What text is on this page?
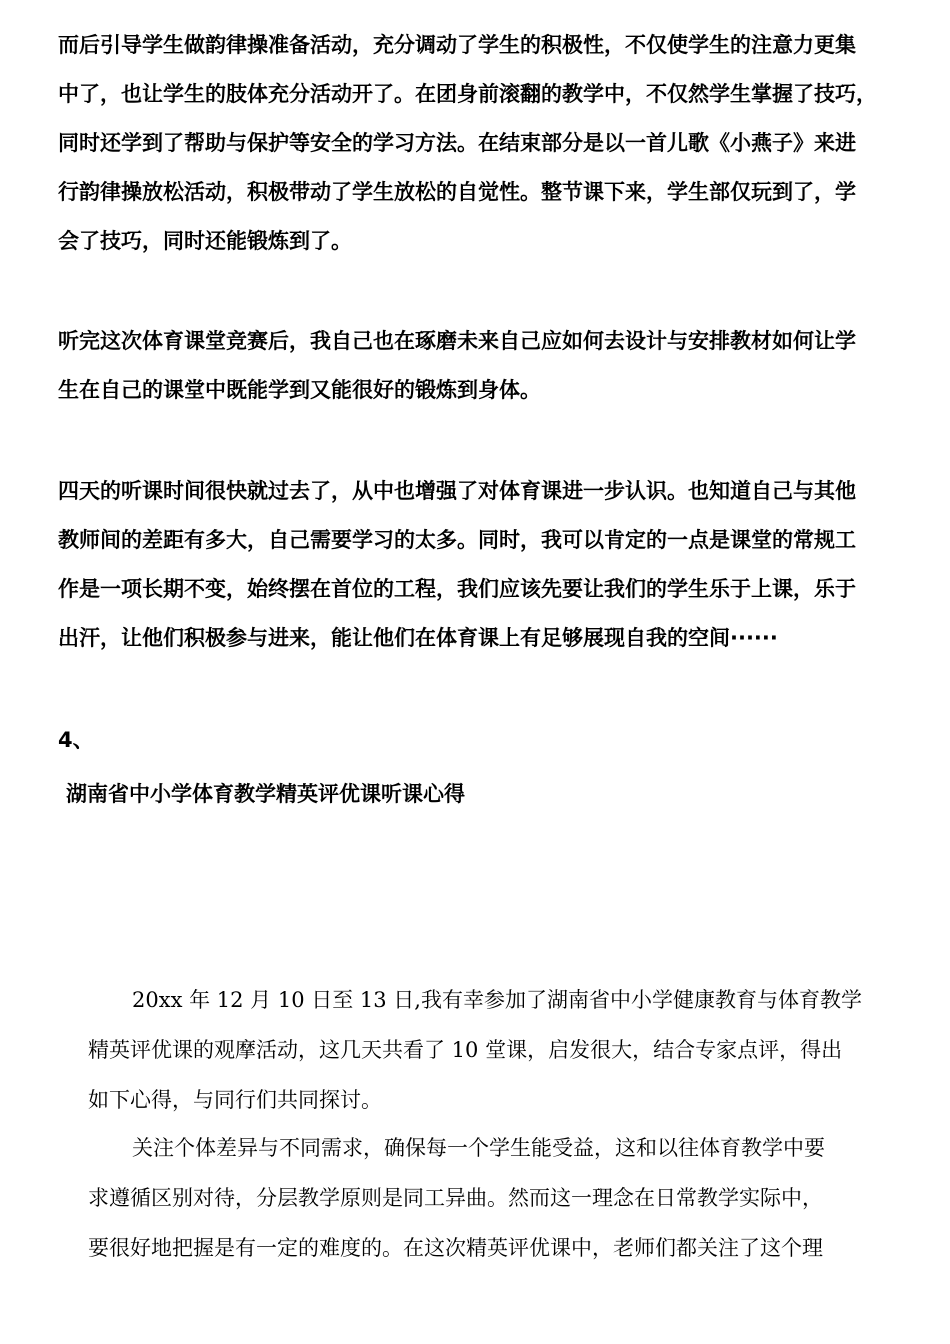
而后引导学生做韵律操准备活动，充分调动了学生的积极性，不仅使学生的注意力更集
中了，也让学生的肢体充分活动开了。在团身前滚翻的教学中，不仅然学生掌握了技巧，
同时还学到了帮助与保护等安全的学习方法。在结束部分是以一首儿歌《小燕子》来进
行韵律操放松活动，积极带动了学生放松的自觉性。整节课下来，学生部仅玩到了，学
会了技巧，同时还能锻炼到了。
听完这次体育课堂竞赛后，我自己也在琢磨未来自己应如何去设计与安排教材如何让学
生在自己的课堂中既能学到又能很好的锻炼到身体。
四天的听课时间很快就过去了，从中也增强了对体育课进一步认识。也知道自己与其他
教师间的差距有多大，自己需要学习的太多。同时，我可以肯定的一点是课堂的常规工
作是一项长期不变，始终摆在首位的工程，我们应该先要让我们的学生乐于上课，乐于
出汗，让他们积极参与进来，能让他们在体育课上有足够展现自我的空间······
4、
湖南省中小学体育教学精英评优课听课心得
20xx 年 12 月 10 日至 13 日,我有幸参加了湖南省中小学健康教育与体育教学
精英评优课的观摩活动，这几天共看了 10 堂课，启发很大，结合专家点评，得出
如下心得，与同行们共同探讨。
关注个体差异与不同需求，确保每一个学生能受益，这和以往体育教学中要
求遵循区别对待，分层教学原则是同工异曲。然而这一理念在日常教学实际中，
要很好地把握是有一定的难度的。在这次精英评优课中，老师们都关注了这个理
